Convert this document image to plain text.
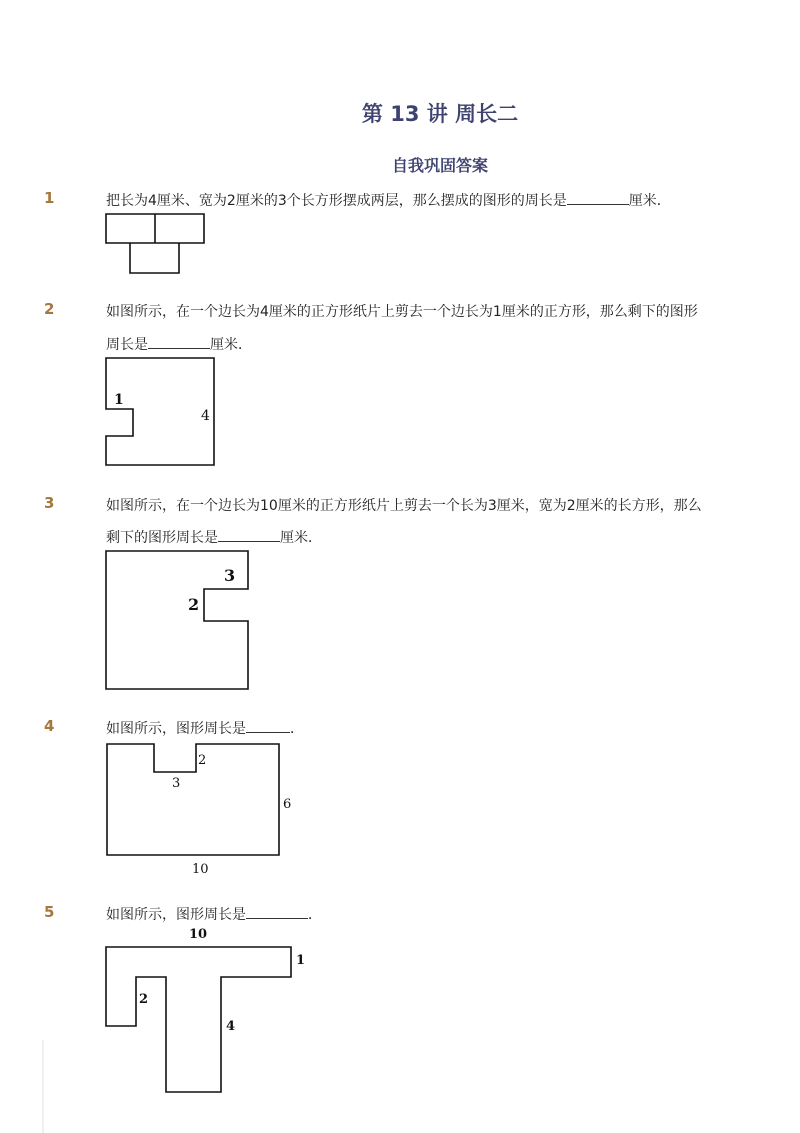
第 13 讲 周长二
自我巩固答案
1	把长为4厘米、宽为2厘米的3个长方形摆成两层，那么摆成的图形的周长是	厘米．
2	如图所示，在一个边长为4厘米的正方形纸片上剪去一个边长为1厘米的正方形，那么剩下的图形
周长是	厘米．
3	如图所示，在一个边长为10厘米的正方形纸片上剪去一个长为3厘米，宽为2厘米的长方形，那么
剩下的图形周长是	厘米．
4	如图所示，图形周长是	．
5	如图所示，图形周长是	．
1
4
3
2
2
3
6
10
10
1
2
4
